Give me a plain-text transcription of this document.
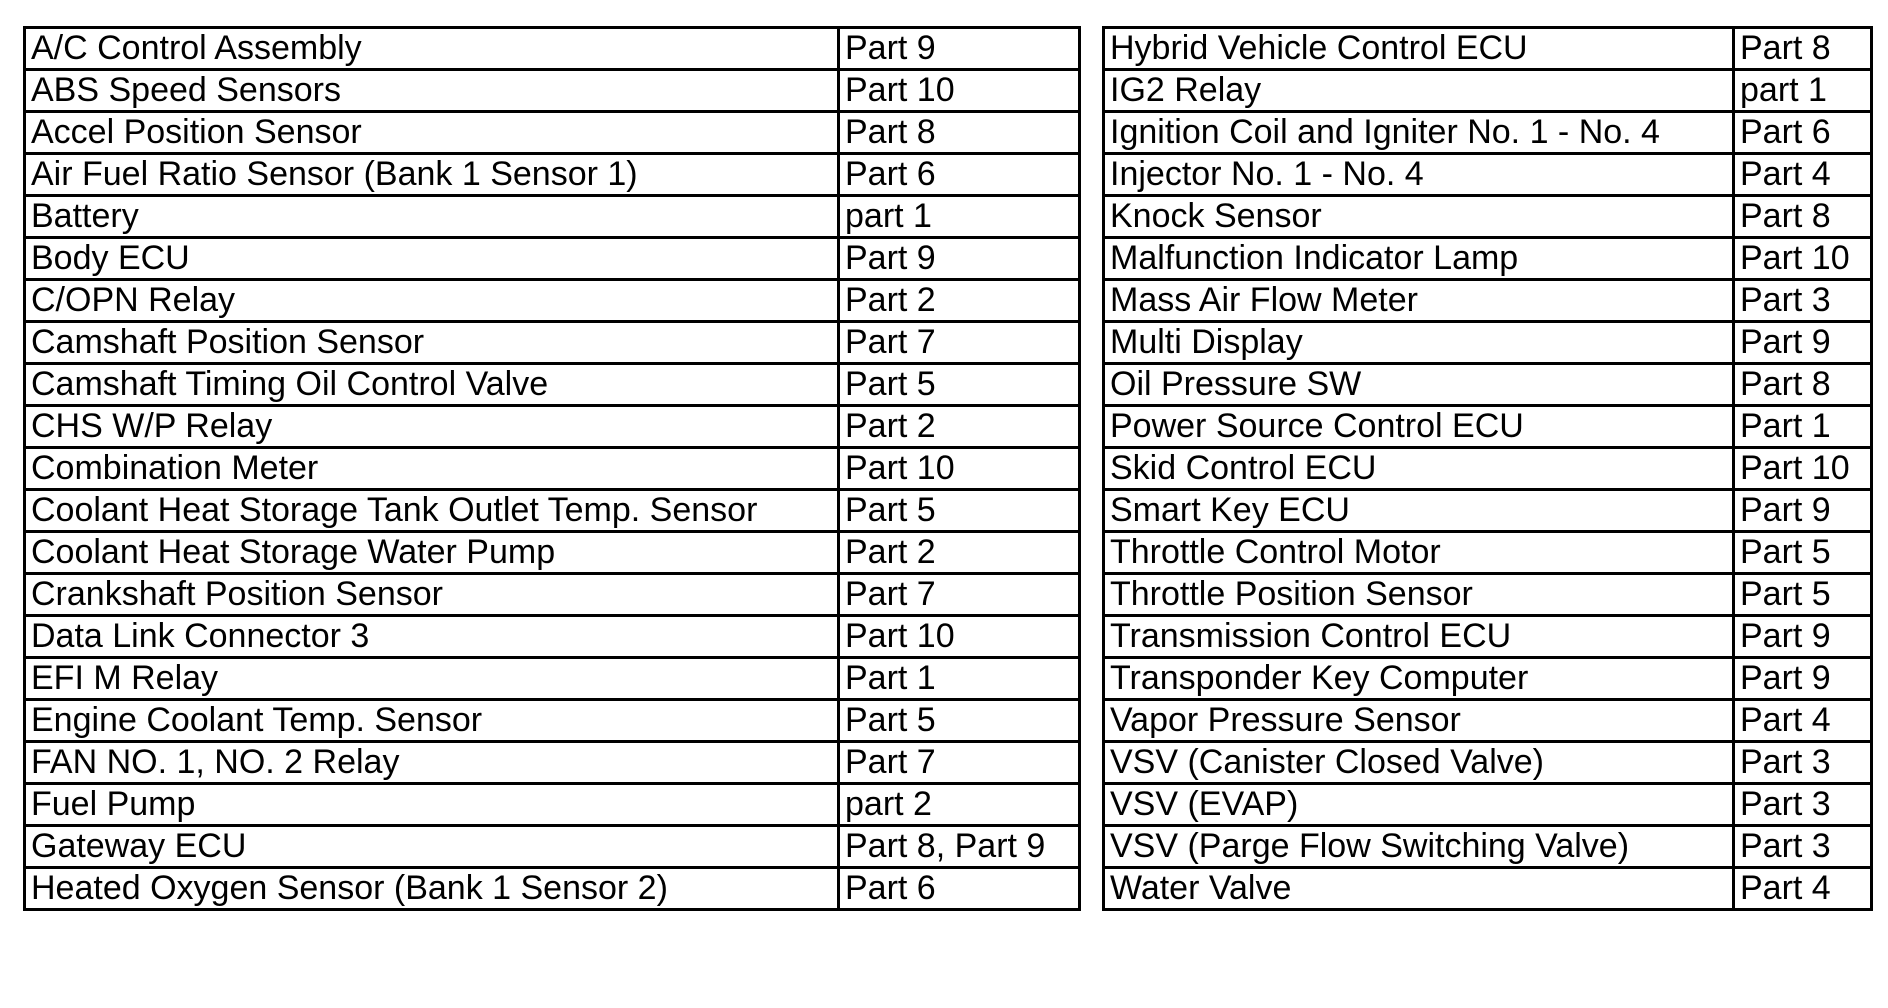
A/C Control Assembly	Part 9
ABS Speed Sensors	Part 10
Accel Position Sensor	Part 8
Air Fuel Ratio Sensor (Bank 1 Sensor 1)	Part 6
Battery	part 1
Body ECU	Part 9
C/OPN Relay	Part 2
Camshaft Position Sensor	Part 7
Camshaft Timing Oil Control Valve	Part 5
CHS W/P Relay	Part 2
Combination Meter	Part 10
Coolant Heat Storage Tank Outlet Temp. Sensor	Part 5
Coolant Heat Storage Water Pump	Part 2
Crankshaft Position Sensor	Part 7
Data Link Connector 3	Part 10
EFI M Relay	Part 1
Engine Coolant Temp. Sensor	Part 5
FAN NO. 1, NO. 2 Relay	Part 7
Fuel Pump	part 2
Gateway ECU	Part 8, Part 9
Heated Oxygen Sensor (Bank 1 Sensor 2)	Part 6
Hybrid Vehicle Control ECU	Part 8
IG2 Relay	part 1
Ignition Coil and Igniter No. 1 - No. 4	Part 6
Injector No. 1 - No. 4	Part 4
Knock Sensor	Part 8
Malfunction Indicator Lamp	Part 10
Mass Air Flow Meter	Part 3
Multi Display	Part 9
Oil Pressure SW	Part 8
Power Source Control ECU	Part 1
Skid Control ECU	Part 10
Smart Key ECU	Part 9
Throttle Control Motor	Part 5
Throttle Position Sensor	Part 5
Transmission Control ECU	Part 9
Transponder Key Computer	Part 9
Vapor Pressure Sensor	Part 4
VSV (Canister Closed Valve)	Part 3
VSV (EVAP)	Part 3
VSV (Parge Flow Switching Valve)	Part 3
Water Valve	Part 4
